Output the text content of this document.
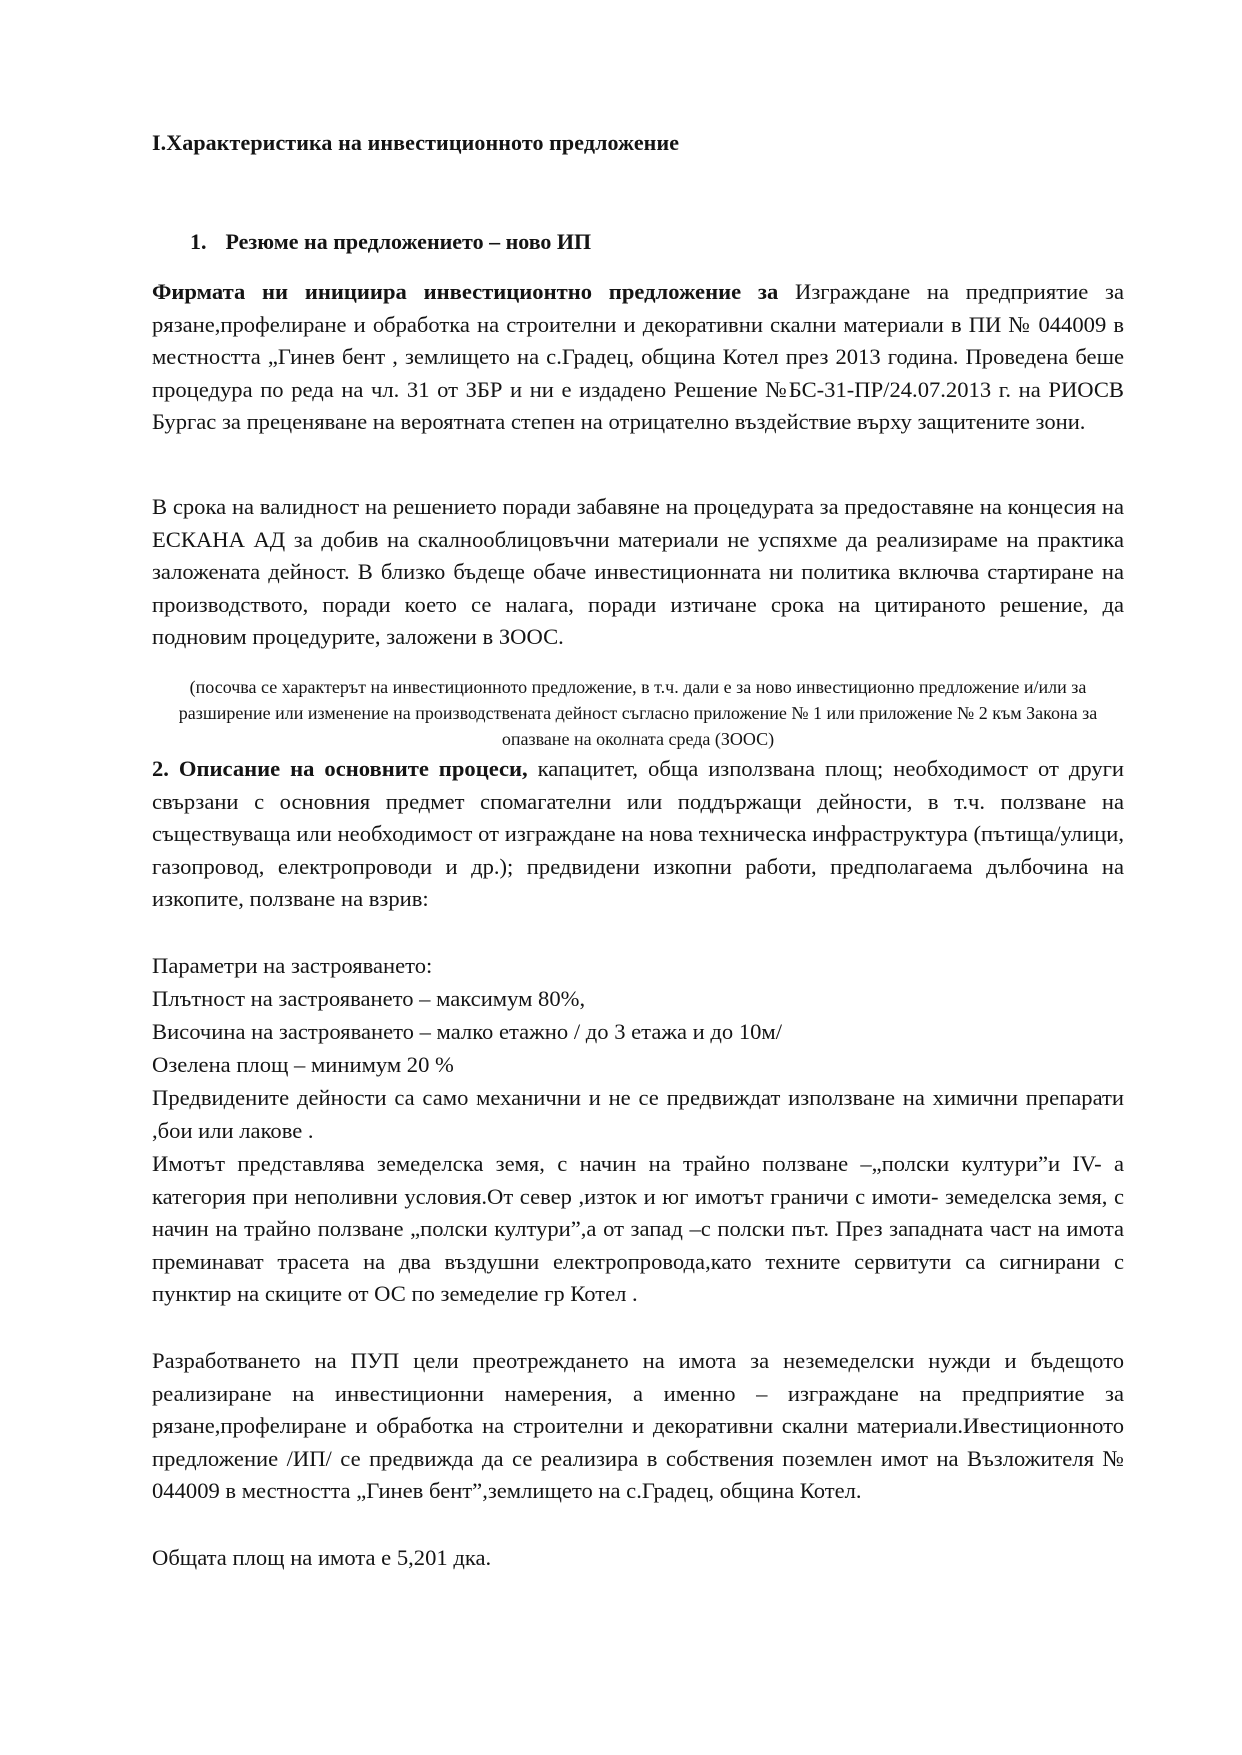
I.Характеристика на инвестиционното предложение
1. Резюме на предложението – ново ИП
Фирмата ни инициира инвестиционтно предложение за Изграждане на предприятие за рязане,профелиране и обработка на строителни и декоративни скални материали в ПИ № 044009 в местността „Гинев бент , землището на с.Градец, община Котел през 2013 година. Проведена беше процедура по реда на чл. 31 от ЗБР и ни е издадено Решение №БС-31-ПР/24.07.2013 г. на РИОСВ Бургас за преценяване на вероятната степен на отрицателно въздействие върху защитените зони.
В срока на валидност на решението поради забавяне на процедурата за предоставяне на концесия на ЕСКАНА АД за добив на скалнооблицовъчни материали не успяхме да реализираме на практика заложената дейност. В близко бъдеще обаче инвестиционната ни политика включва стартиране на производството, поради което се налага, поради изтичане срока на цитираното решение, да подновим процедурите, заложени в ЗООС.
(посочва се характерът на инвестиционното предложение, в т.ч. дали е за ново инвестиционно предложение и/или за разширение или изменение на производствената дейност съгласно приложение № 1 или приложение № 2 към Закона за опазване на околната среда (ЗООС)
2. Описание на основните процеси, капацитет, обща използвана площ; необходимост от други свързани с основния предмет спомагателни или поддържащи дейности, в т.ч. ползване на съществуваща или необходимост от изграждане на нова техническа инфраструктура (пътища/улици, газопровод, електропроводи и др.); предвидени изкопни работи, предполагаема дълбочина на изкопите, ползване на взрив:
Параметри на застрояването:
Плътност на застрояването – максимум 80%,
Височина на застрояването – малко етажно / до 3 етажа и до 10м/
Озелена площ – минимум 20 %
Предвидените дейности са само механични и не се предвиждат използване на химични препарати ,бои или лакове .
Имотът представлява земеделска земя, с начин на трайно ползване –„полски култури”и IV- а категория при неполивни условия.От север ,изток и юг имотът граничи с имоти- земеделска земя, с начин на трайно ползване „полски култури”,а от запад –с полски път. През западната част на имота преминават трасета на два въздушни електропровода,като техните сервитути са сигнирани с пунктир на скиците от ОС по земеделие гр Котел .
Разработването на ПУП цели преотреждането на имота за неземеделски нужди и бъдещото реализиране на инвестиционни намерения, а именно – изграждане на предприятие за рязане,профелиране и обработка на строителни и декоративни скални материали.Ивестиционното предложение /ИП/ се предвижда да се реализира в собствения поземлен имот на Възложителя № 044009 в местността „Гинев бент”,землището на с.Градец, община Котел.
Общата площ на имота е 5,201 дка.
